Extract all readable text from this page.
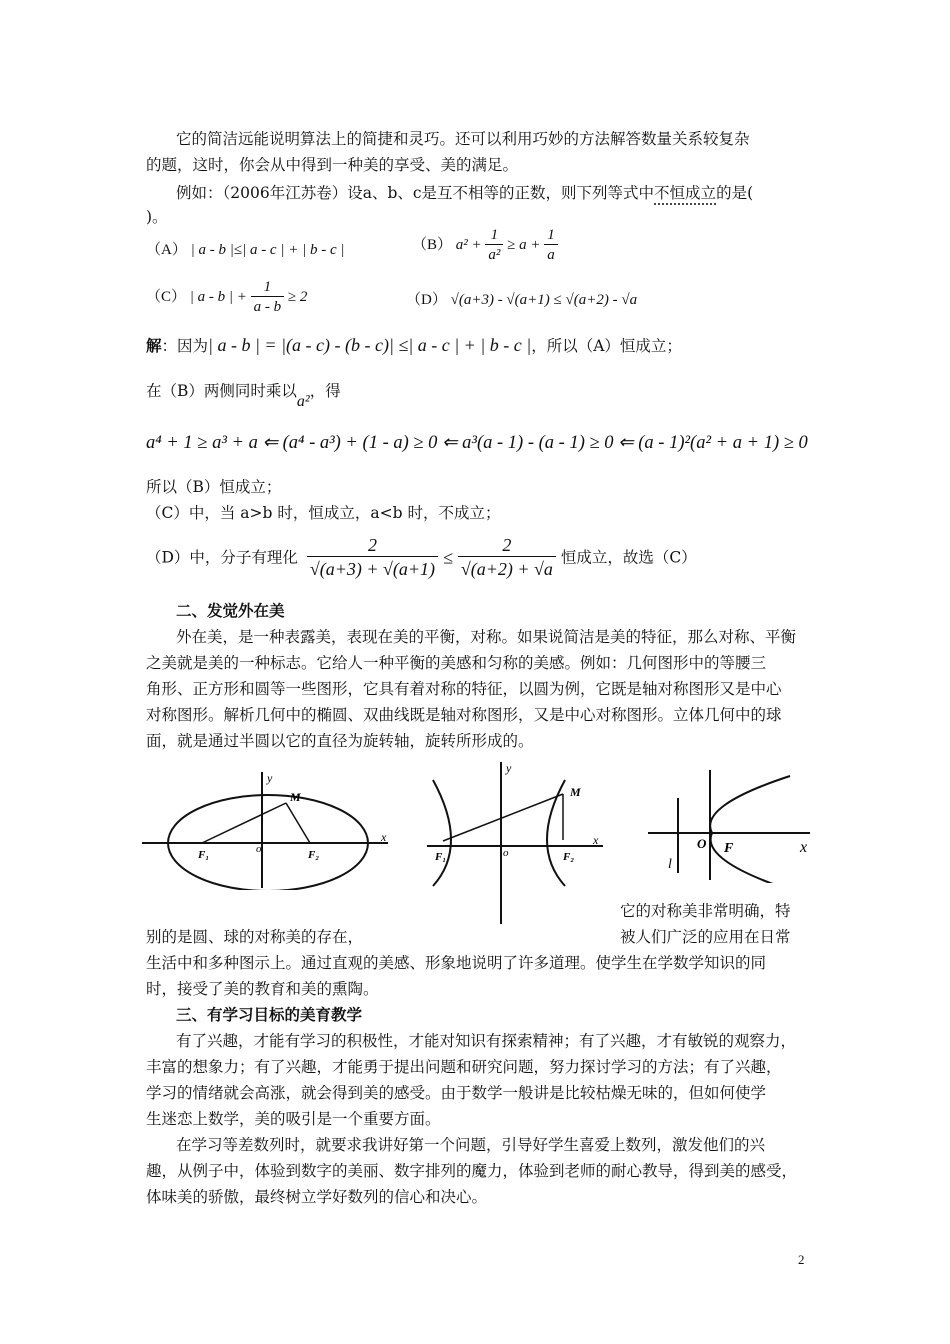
它的简洁远能说明算法上的简捷和灵巧。还可以利用巧妙的方法解答数量关系较复杂
的题，这时，你会从中得到一种美的享受、美的满足。
例如：（2006年江苏卷）设a、b、c是互不相等的正数，则下列等式中不恒成立的是(
)。
（A） | a - b |≤| a - c | + | b - c |	（B） $a^2 + \frac{1}{\text{a²}} \ge a + \frac{1}{a}$
（C） | a - b | + $\frac{1}{a - b} \ge 2$	（D） √(a+3) - √(a+1) ≤ √(a+2) - √a
解：因为| a - b | = |(a - c) - (b - c)| ≤| a - c | + | b - c |，所以（A）恒成立；
在（B）两侧同时乘以a²，得
a⁴ + 1 ≥ a³ + a ⇐ (a⁴ - a³) + (1 - a) ≥ 0 ⇐ a³(a - 1) - (a - 1) ≥ 0 ⇐ (a - 1)²(a² + a + 1) ≥ 0
所以（B）恒成立；
（C）中，当 a>b 时，恒成立，a<b 时，不成立；
（D）中，分子有理化 $\frac{2}{√(a+3) + √(a+1)} \le \frac{2}{√(a+2) + √a}$ 恒成立，故选（C）
二、发觉外在美
外在美，是一种表露美，表现在美的平衡，对称。如果说简洁是美的特征，那么对称、平衡
之美就是美的一种标志。它给人一种平衡的美感和匀称的美感。例如：几何图形中的等腰三
角形、正方形和圆等一些图形，它具有着对称的特征，以圆为例，它既是轴对称图形又是中心
对称图形。解析几何中的椭圆、双曲线既是轴对称图形，又是中心对称图形。立体几何中的球
面，就是通过半圆以它的直径为旋转轴，旋转所形成的。
y
x
M
F₁	o	F₂
y
x
M
F₁	o	F₂
x
O F
l
它的对称美非常明确，特
别的是圆、球的对称美的存在，	被人们广泛的应用在日常
生活中和多种图示上。通过直观的美感、形象地说明了许多道理。使学生在学数学知识的同
时，接受了美的教育和美的熏陶。
三、有学习目标的美育教学
有了兴趣，才能有学习的积极性，才能对知识有探索精神；有了兴趣，才有敏锐的观察力，
丰富的想象力；有了兴趣，才能勇于提出问题和研究问题，努力探讨学习的方法；有了兴趣，
学习的情绪就会高涨，就会得到美的感受。由于数学一般讲是比较枯燥无味的，但如何使学
生迷恋上数学，美的吸引是一个重要方面。
在学习等差数列时，就要求我讲好第一个问题，引导好学生喜爱上数列，激发他们的兴
趣，从例子中，体验到数字的美丽、数字排列的魔力，体验到老师的耐心教导，得到美的感受，
体味美的骄傲，最终树立学好数列的信心和决心。
2
